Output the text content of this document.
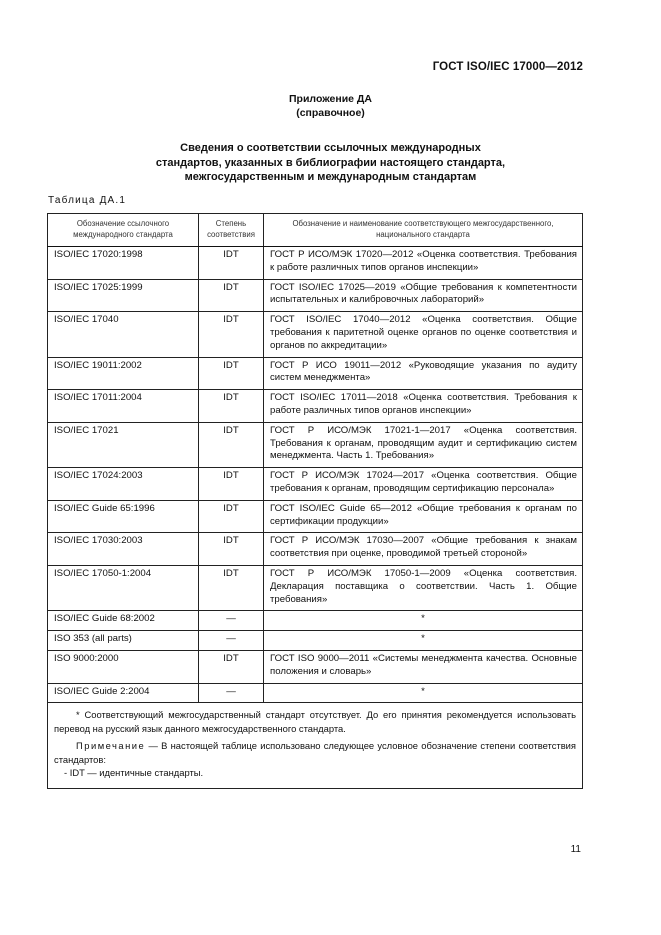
ГОСТ ISO/IEC 17000—2012
Приложение ДА
(справочное)
Сведения о соответствии ссылочных международных
стандартов, указанных в библиографии настоящего стандарта,
межгосударственным и международным стандартам
Таблица ДА.1
Обозначение ссылочного международного стандарта	Степень соответствия	Обозначение и наименование соответствующего межгосударственного, национального стандарта
ISO/IEC 17020:1998	IDT	ГОСТ Р ИСО/МЭК 17020—2012 «Оценка соответствия. Требования к работе различных типов органов инспекции»
ISO/IEC 17025:1999	IDT	ГОСТ ISO/IEC 17025—2019 «Общие требования к компетентности испытательных и калибровочных лабораторий»
ISO/IEC 17040	IDT	ГОСТ ISO/IEC 17040—2012 «Оценка соответствия. Общие требования к паритетной оценке органов по оценке соответствия и органов по аккредитации»
ISO/IEC 19011:2002	IDT	ГОСТ Р ИСО 19011—2012 «Руководящие указания по аудиту систем менеджмента»
ISO/IEC 17011:2004	IDT	ГОСТ ISO/IEC 17011—2018 «Оценка соответствия. Требования к работе различных типов органов инспекции»
ISO/IEC 17021	IDT	ГОСТ Р ИСО/МЭК 17021-1—2017 «Оценка соответствия. Требования к органам, проводящим аудит и сертификацию систем менеджмента. Часть 1. Требования»
ISO/IEC 17024:2003	IDT	ГОСТ Р ИСО/МЭК 17024—2017 «Оценка соответствия. Общие требования к органам, проводящим сертификацию персонала»
ISO/IEC Guide 65:1996	IDT	ГОСТ ISO/IEC Guide 65—2012 «Общие требования к органам по сертификации продукции»
ISO/IEC 17030:2003	IDT	ГОСТ Р ИСО/МЭК 17030—2007 «Общие требования к знакам соответствия при оценке, проводимой третьей стороной»
ISO/IEC 17050-1:2004	IDT	ГОСТ Р ИСО/МЭК 17050-1—2009 «Оценка соответствия. Декларация поставщика о соответствии. Часть 1. Общие требования»
ISO/IEC Guide 68:2002	—	*
ISO 353 (all parts)	—	*
ISO 9000:2000	IDT	ГОСТ ISO 9000—2011 «Системы менеджмента качества. Основные положения и словарь»
ISO/IEC Guide 2:2004	—	*

* Соответствующий межгосударственный стандарт отсутствует. До его принятия рекомендуется использовать перевод на русский язык данного межгосударственного стандарта.

Примечание — В настоящей таблице использовано следующее условное обозначение степени соответствия стандартов:

- IDT — идентичные стандарты.		

11
